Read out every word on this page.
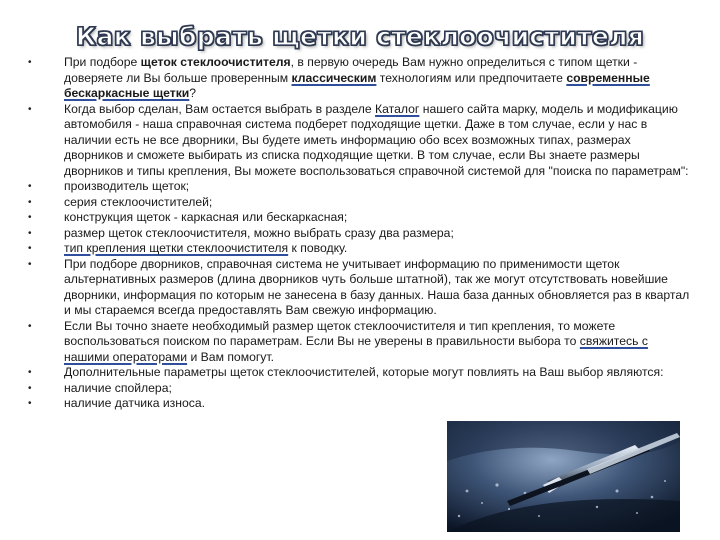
Как выбрать щетки стеклоочистителя
•	При подборе щеток стеклоочистителя, в первую очередь Вам нужно определиться с типом щетки - доверяете ли Вы больше проверенным классическим технологиям или предпочитаете современные бескаркасные щетки?
•	Когда выбор сделан, Вам остается выбрать в разделе Каталог нашего сайта марку, модель и модификацию автомобиля - наша справочная система подберет подходящие щетки. Даже в том случае, если у нас в наличии есть не все дворники, Вы будете иметь информацию обо всех возможных типах, размерах дворников и сможете выбирать из списка подходящие щетки. В том случае, если Вы знаете размеры дворников и типы крепления, Вы можете воспользоваться справочной системой для "поиска по параметрам":
•	производитель щеток;
•	серия стеклоочистителей;
•	конструкция щеток - каркасная или бескаркасная;
•	размер щеток стеклоочистителя, можно выбрать сразу два размера;
•	тип крепления щетки стеклоочистителя к поводку.
•	При подборе дворников, справочная система не учитывает информацию по применимости щеток альтернативных размеров (длина дворников чуть больше штатной), так же могут отсутствовать новейшие дворники, информация по которым не занесена в базу данных. Наша база данных обновляется раз в квартал и мы стараемся всегда предоставлять Вам свежую информацию.
•	Если Вы точно знаете необходимый размер щеток стеклоочистителя и тип крепления, то можете воспользоваться поиском по параметрам. Если Вы не уверены в правильности выбора то свяжитесь с нашими операторами и Вам помогут.
•	Дополнительные параметры щеток стеклоочистителей, которые могут повлиять на Ваш выбор являются:
•	наличие спойлера;
•	наличие датчика износа.
